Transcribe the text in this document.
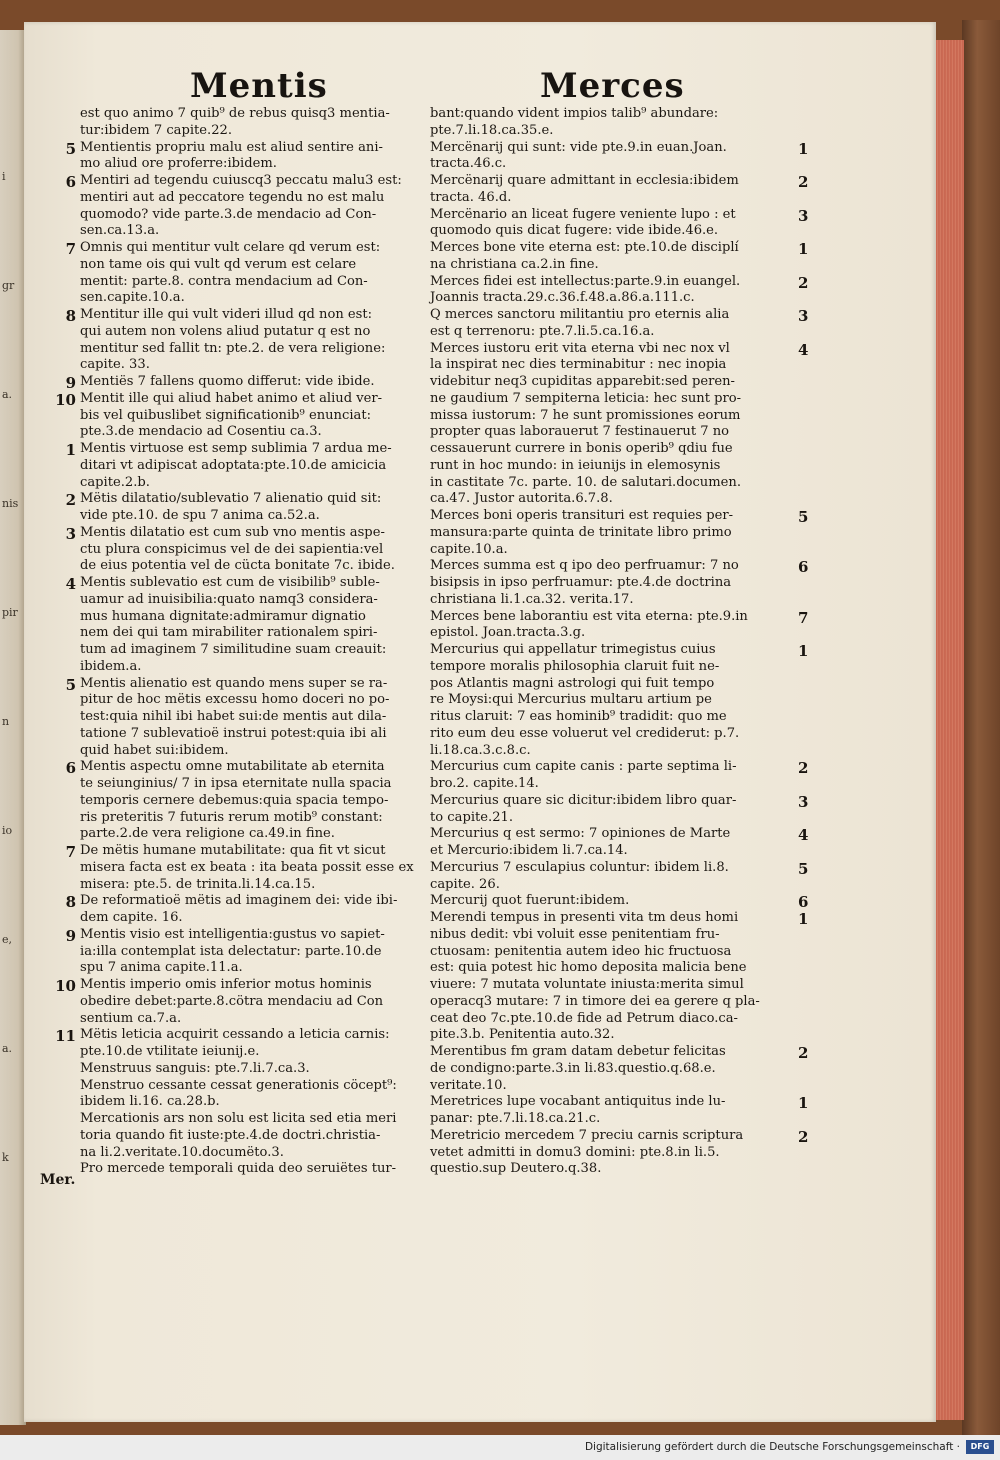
i
gr
a.
nis
pir
n
io
e,
a.
k
Mentis	Merces
est quo animo 7 quib⁹ de rebus quisq3 mentia-
tur:ibidem 7 capite.22.
5 Mentientis propriu malu est aliud sentire ani-
mo aliud ore proferre:ibidem.
6 Mentiri ad tegendu cuiuscq3 peccatu malu3 est:
mentiri aut ad peccatore tegendu no est malu
quomodo? vide parte.3.de mendacio ad Con-
sen.ca.13.a.
7 Omnis qui mentitur vult celare qd verum est:
non tame ois qui vult qd verum est celare
mentit: parte.8. contra mendacium ad Con-
sen.capite.10.a.
8 Mentitur ille qui vult videri illud qd non est:
qui autem non volens aliud putatur q est no
mentitur sed fallit tn: pte.2. de vera religione:
capite. 33.
9 Mentiës 7 fallens quomo differut: vide ibide.
10 Mentit ille qui aliud habet animo et aliud ver-
bis vel quibuslibet significationib⁹ enunciat:
pte.3.de mendacio ad Cosentiu ca.3.
1 Mentis virtuose est semp sublimia 7 ardua me-
ditari vt adipiscat adoptata:pte.10.de amicicia
capite.2.b.
2 Mëtis dilatatio/sublevatio 7 alienatio quid sit:
vide pte.10. de spu 7 anima ca.52.a.
3 Mentis dilatatio est cum sub vno mentis aspe-
ctu plura conspicimus vel de dei sapientia:vel
de eius potentia vel de cücta bonitate 7c. ibide.
4 Mentis sublevatio est cum de visibilib⁹ suble-
uamur ad inuisibilia:quato namq3 considera-
mus humana dignitate:admiramur dignatio
nem dei qui tam mirabiliter rationalem spiri-
tum ad imaginem 7 similitudine suam creauit:
ibidem.a.
5 Mentis alienatio est quando mens super se ra-
pitur de hoc mëtis excessu homo doceri no po-
test:quia nihil ibi habet sui:de mentis aut dila-
tatione 7 sublevatioë instrui potest:quia ibi ali
quid habet sui:ibidem.
6 Mentis aspectu omne mutabilitate ab eternita
te seiunginius/ 7 in ipsa eternitate nulla spacia
temporis cernere debemus:quia spacia tempo-
ris preteritis 7 futuris rerum motib⁹ constant:
parte.2.de vera religione ca.49.in fine.
7 De mëtis humane mutabilitate: qua fit vt sicut
misera facta est ex beata : ita beata possit esse ex
misera: pte.5. de trinita.li.14.ca.15.
8 De reformatioë mëtis ad imaginem dei: vide ibi-
dem capite. 16.
9 Mentis visio est intelligentia:gustus vo sapiet-
ia:illa contemplat ista delectatur: parte.10.de
spu 7 anima capite.11.a.
10 Mentis imperio omis inferior motus hominis
obedire debet:parte.8.cötra mendaciu ad Con
sentium ca.7.a.
11 Mëtis leticia acquirit cessando a leticia carnis:
pte.10.de vtilitate ieiunij.e.
Menstruus sanguis: pte.7.li.7.ca.3.
Menstruo cessante cessat generationis cöcept⁹:
ibidem li.16. ca.28.b.
Mercationis ars non solu est licita sed etia meri
toria quando fit iuste:pte.4.de doctri.christia-
na li.2.veritate.10.documëto.3.
Pro mercede temporali quida deo seruiëtes tur-
bant:quando vident impios talib⁹ abundare:
pte.7.li.18.ca.35.e.
1
Mercënarij qui sunt: vide pte.9.in euan.Joan.
tracta.46.c.
2
Mercënarij quare admittant in ecclesia:ibidem
tracta. 46.d.
3
Mercënario an liceat fugere veniente lupo : et
quomodo quis dicat fugere: vide ibide.46.e.
1
Merces bone vite eterna est: pte.10.de disciplí
na christiana ca.2.in fine.
2
Merces fidei est intellectus:parte.9.in euangel.
Joannis tracta.29.c.36.f.48.a.86.a.111.c.
3
Q merces sanctoru militantiu pro eternis alia
est q terrenoru: pte.7.li.5.ca.16.a.
4
Merces iustoru erit vita eterna vbi nec nox vl
la inspirat nec dies terminabitur : nec inopia
videbitur neq3 cupiditas apparebit:sed peren-
ne gaudium 7 sempiterna leticia: hec sunt pro-
missa iustorum: 7 he sunt promissiones eorum
propter quas laborauerut 7 festinauerut 7 no
cessauerunt currere in bonis operib⁹ qdiu fue
runt in hoc mundo: in ieiunijs in elemosynis
in castitate 7c. parte. 10. de salutari.documen.
ca.47. Justor autorita.6.7.8.
5
Merces boni operis transituri est requies per-
mansura:parte quinta de trinitate libro primo
capite.10.a.
6
Merces summa est q ipo deo perfruamur: 7 no
bisipsis in ipso perfruamur: pte.4.de doctrina
christiana li.1.ca.32. verita.17.
7
Merces bene laborantiu est vita eterna: pte.9.in
epistol. Joan.tracta.3.g.
1
Mercurius qui appellatur trimegistus cuius
tempore moralis philosophia claruit fuit ne-
pos Atlantis magni astrologi qui fuit tempo
re Moysi:qui Mercurius multaru artium pe
ritus claruit: 7 eas hominib⁹ tradidit: quo me
rito eum deu esse voluerut vel crediderut: p.7.
li.18.ca.3.c.8.c.
2
Mercurius cum capite canis : parte septima li-
bro.2. capite.14.
3
Mercurius quare sic dicitur:ibidem libro quar-
to capite.21.
4
Mercurius q est sermo: 7 opiniones de Marte
et Mercurio:ibidem li.7.ca.14.
5
Mercurius 7 esculapius coluntur: ibidem li.8.
capite. 26.
6
Mercurij quot fuerunt:ibidem.
1
Merendi tempus in presenti vita tm deus homi
nibus dedit: vbi voluit esse penitentiam fru-
ctuosam: penitentia autem ideo hic fructuosa
est: quia potest hic homo deposita malicia bene
viuere: 7 mutata voluntate iniusta:merita simul
operacq3 mutare: 7 in timore dei ea gerere q pla-
ceat deo 7c.pte.10.de fide ad Petrum diaco.ca-
pite.3.b. Penitentia auto.32.
2
Merentibus fm gram datam debetur felicitas
de condigno:parte.3.in li.83.questio.q.68.e.
veritate.10.
1
Meretrices lupe vocabant antiquitus inde lu-
panar: pte.7.li.18.ca.21.c.
2
Meretricio mercedem 7 preciu carnis scriptura
vetet admitti in domu3 domini: pte.8.in li.5.
questio.sup Deutero.q.38.
Mer.
Digitalisierung gefördert durch die Deutsche Forschungsgemeinschaft ·	DFG
